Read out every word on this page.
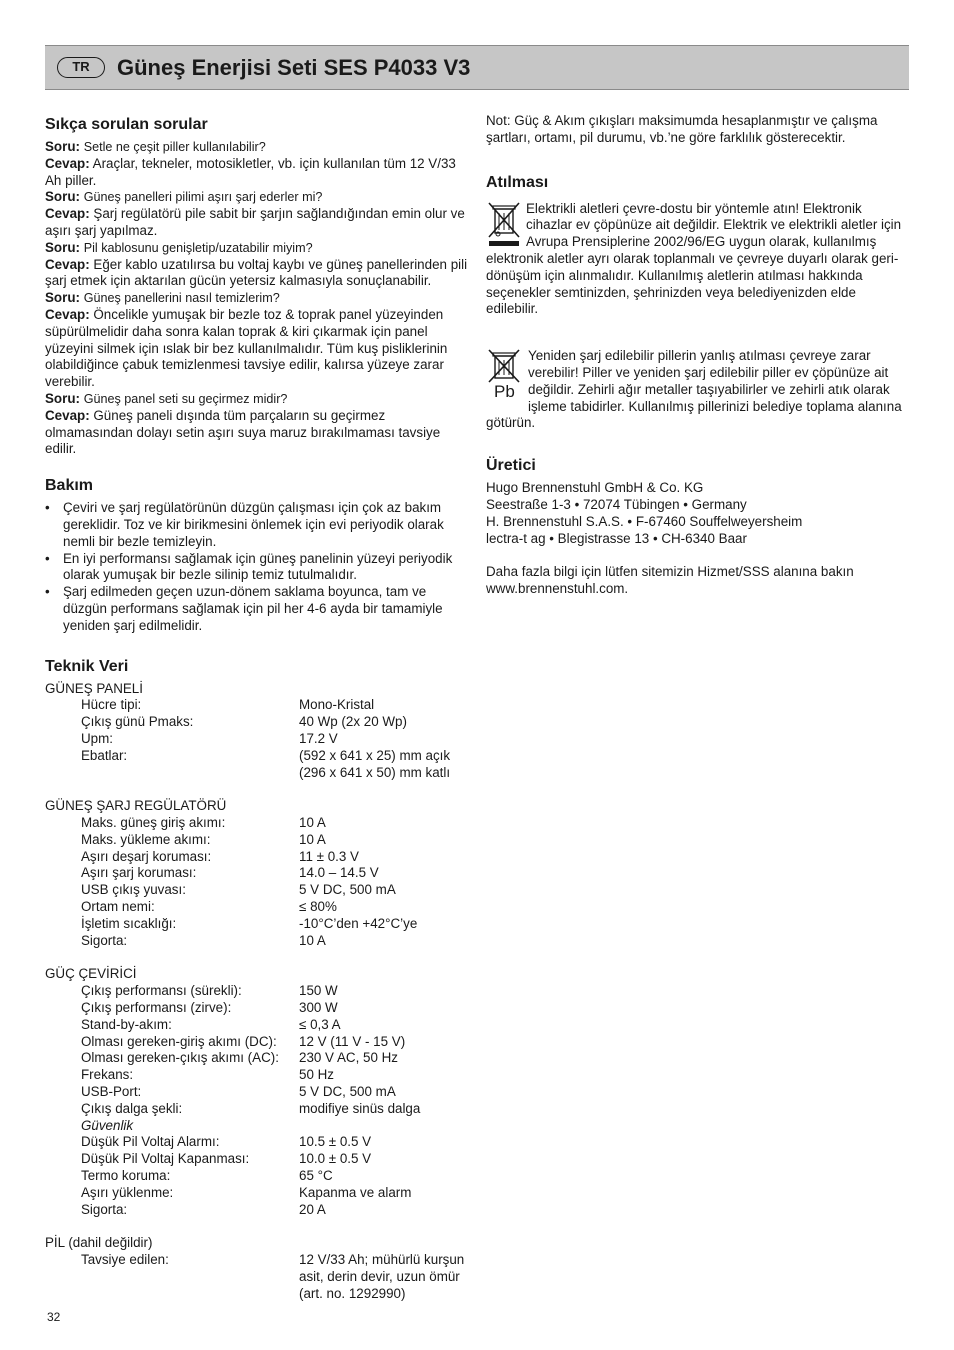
TR	Güneş Enerjisi Seti SES P4033 V3
Sıkça sorulan sorular

Soru: Setle ne çeşit piller kullanılabilir?

Cevap: Araçlar, tekneler, motosikletler, vb. için kullanılan tüm 12 V/33 Ah piller.

Soru: Güneş panelleri pilimi aşırı şarj ederler mi?

Cevap: Şarj regülatörü pile sabit bir şarjın sağlandığından emin olur ve aşırı şarj yapılmaz.

Soru: Pil kablosunu genişletip/uzatabilir miyim?

Cevap: Eğer kablo uzatılırsa bu voltaj kaybı ve güneş panellerinden pili şarj etmek için aktarılan gücün yetersiz kalmasıyla sonuçlanabilir.

Soru: Güneş panellerini nasıl temizlerim?

Cevap: Öncelikle yumuşak bir bezle toz & toprak panel yüzeyinden süpürülmelidir daha sonra kalan toprak & kiri çıkarmak için panel yüzeyini silmek için ıslak bir bez kullanılmalıdır. Tüm kuş pisliklerinin olabildiğince çabuk temizlenmesi tavsiye edilir, kalırsa yüzeye zarar verebilir.

Soru: Güneş panel seti su geçirmez midir?

Cevap: Güneş paneli dışında tüm parçaların su geçirmez olmamasından dolayı setin aşırı suya maruz bırakılmaması tavsiye edilir.

Bakım
• Çeviri ve şarj regülatörünün düzgün çalışması için çok az bakım gereklidir. Toz ve kir birikmesini önlemek için evi periyodik olarak nemli bir bezle temizleyin.
• En iyi performansı sağlamak için güneş panelinin yüzeyi periyodik olarak yumuşak bir bezle silinip temiz tutulmalıdır.
• Şarj edilmeden geçen uzun-dönem saklama boyunca, tam ve düzgün performans sağlamak için pil her 4-6 ayda bir tamamiyle yeniden şarj edilmelidir.
Teknik Veri
GÜNEŞ PANELİ
Hücre tipi:	Mono-Kristal
Çıkış günü Pmaks:	40 Wp (2x 20 Wp)
Upm:	17.2 V
Ebatlar:	(592 x 641 x 25) mm açık
(296 x 641 x 50) mm katlı
GÜNEŞ ŞARJ REGÜLATÖRÜ
Maks. güneş giriş akımı:	10 A
Maks. yükleme akımı:	10 A
Aşırı deşarj koruması:	11 ± 0.3 V
Aşırı şarj koruması:	14.0 – 14.5 V
USB çıkış yuvası:	5 V DC, 500 mA
Ortam nemi:	≤ 80%
İşletim sıcaklığı:	-10°C’den +42°C’ye
Sigorta:	10 A
GÜÇ ÇEVİRİCİ
Çıkış performansı (sürekli):	150 W
Çıkış performansı (zirve):	300 W
Stand-by-akım:	≤ 0,3 A
Olması gereken-giriş akımı (DC):	12 V (11 V - 15 V)
Olması gereken-çıkış akımı (AC):	230 V AC, 50 Hz
Frekans:	50 Hz
USB-Port:	5 V DC, 500 mA
Çıkış dalga şekli:	modifiye sinüs dalga
Güvenlik
Düşük Pil Voltaj Alarmı:	10.5 ± 0.5 V
Düşük Pil Voltaj Kapanması:	10.0 ± 0.5 V
Termo koruma:	65 °C
Aşırı yüklenme:	Kapanma ve alarm
Sigorta:	20 A
PİL (dahil değildir)
Tavsiye edilen:	12 V/33 Ah; mühürlü kurşun asit, derin devir, uzun ömür (art. no. 1292990)

Not: Güç & Akım çıkışları maksimumda hesaplanmıştır ve çalışma şartları, ortamı, pil durumu, vb.’ne göre farklılık gösterecektir.

Atılması

Elektrikli aletleri çevre-dostu bir yöntemle atın! Elektronik cihazlar ev çöpünüze ait değildir. Elektrik ve elektrikli aletler için Avrupa Prensiplerine 2002/96/EG uygun olarak, kullanılmış elektronik aletler ayrı olarak toplanmalı ve çevreye duyarlı olarak geri-dönüşüm için alınmalıdır. Kullanılmış aletlerin atılması hakkında seçenekler semtinizden, şehrinizden veya belediyenizden elde edilebilir.

Pb

Yeniden şarj edilebilir pillerin yanlış atılması çevreye zarar verebilir! Piller ve yeniden şarj edilebilir piller ev çöpünüze ait değildir. Zehirli ağır metaller taşıyabilirler ve zehirli atık olarak işleme tabidirler. Kullanılmış pillerinizi belediye toplama alanına götürün.

Üretici
Hugo Brennenstuhl GmbH & Co. KG
Seestraße 1-3 • 72074 Tübingen • Germany
H. Brennenstuhl S.A.S. • F-67460 Souffelweyersheim
lectra-t ag • Blegistrasse 13 • CH-6340 Baar

Daha fazla bilgi için lütfen sitemizin Hizmet/SSS alanına bakın www.brennenstuhl.com.

32
